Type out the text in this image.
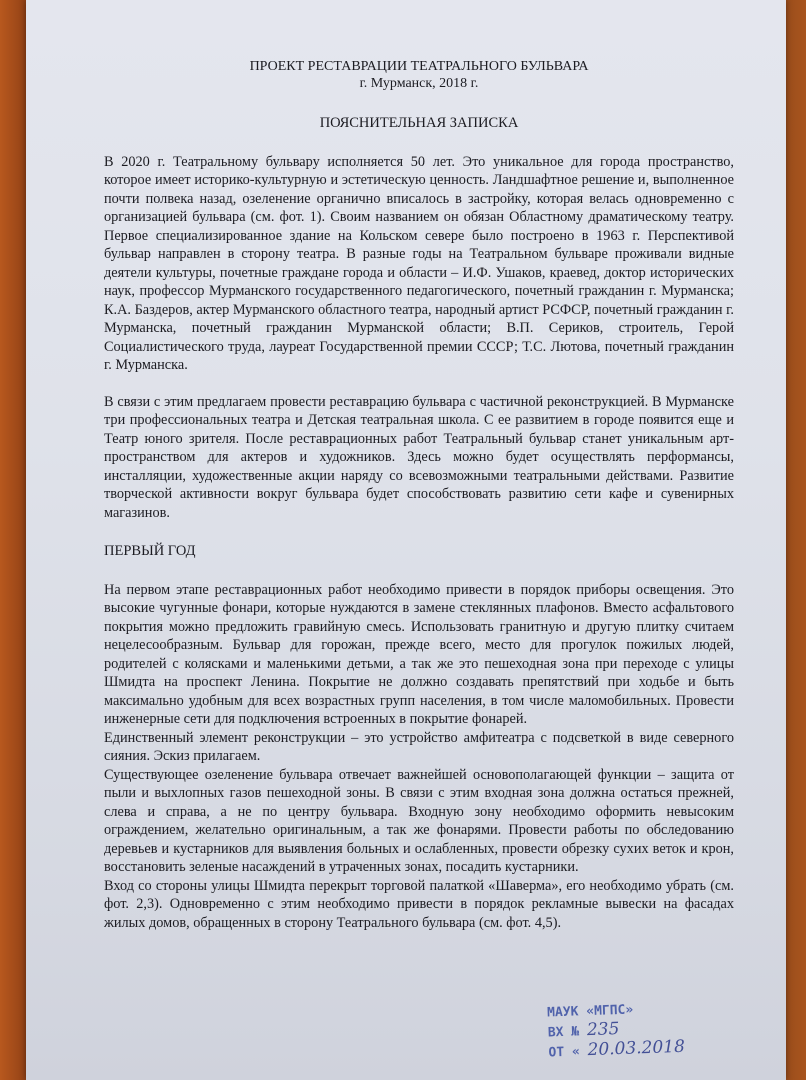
ПРОЕКТ РЕСТАВРАЦИИ ТЕАТРАЛЬНОГО БУЛЬВАРА
г. Мурманск, 2018 г.
ПОЯСНИТЕЛЬНАЯ ЗАПИСКА

В 2020 г. Театральному бульвару исполняется 50 лет. Это уникальное для города пространство, которое имеет историко-культурную и эстетическую ценность. Ландшафтное решение и, выполненное почти полвека назад, озеленение органично вписалось в застройку, которая велась одновременно с организацией бульвара (см. фот. 1). Своим названием он обязан Областному драматическому театру. Первое специализированное здание на Кольском севере было построено в 1963 г. Перспективой бульвар направлен в сторону театра. В разные годы на Театральном бульваре проживали видные деятели культуры, почетные граждане города и области – И.Ф. Ушаков, краевед, доктор исторических наук, профессор Мурманского государственного педагогического, почетный гражданин г. Мурманска; К.А. Баздеров, актер Мурманского областного театра, народный артист РСФСР, почетный гражданин г. Мурманска, почетный гражданин Мурманской области; В.П. Сериков, строитель, Герой Социалистического труда, лауреат Государственной премии СССР; Т.С. Лютова, почетный гражданин г. Мурманска.

В связи с этим предлагаем провести реставрацию бульвара с частичной реконструкцией. В Мурманске три профессиональных театра и Детская театральная школа. С ее развитием в городе появится еще и Театр юного зрителя. После реставрационных работ Театральный бульвар станет уникальным арт-пространством для актеров и художников. Здесь можно будет осуществлять перформансы, инсталляции, художественные акции наряду со всевозможными театральными действами. Развитие творческой активности вокруг бульвара будет способствовать развитию сети кафе и сувенирных магазинов.

ПЕРВЫЙ ГОД

На первом этапе реставрационных работ необходимо привести в порядок приборы освещения. Это высокие чугунные фонари, которые нуждаются в замене стеклянных плафонов. Вместо асфальтового покрытия можно предложить гравийную смесь. Использовать гранитную и другую плитку считаем нецелесообразным. Бульвар для горожан, прежде всего, место для прогулок пожилых людей, родителей с колясками и маленькими детьми, а так же это пешеходная зона при переходе с улицы Шмидта на проспект Ленина. Покрытие не должно создавать препятствий при ходьбе и быть максимально удобным для всех возрастных групп населения, в том числе маломобильных. Провести инженерные сети для подключения встроенных в покрытие фонарей.

Единственный элемент реконструкции – это устройство амфитеатра с подсветкой в виде северного сияния. Эскиз прилагаем.

Существующее озеленение бульвара отвечает важнейшей основополагающей функции – защита от пыли и выхлопных газов пешеходной зоны. В связи с этим входная зона должна остаться прежней, слева и справа, а не по центру бульвара. Входную зону необходимо оформить невысоким ограждением, желательно оригинальным, а так же фонарями. Провести работы по обследованию деревьев и кустарников для выявления больных и ослабленных, провести обрезку сухих веток и крон, восстановить зеленые насаждений в утраченных зонах, посадить кустарники.

Вход со стороны улицы Шмидта перекрыт торговой палаткой «Шаверма», его необходимо убрать (см. фот. 2,3). Одновременно с этим необходимо привести в порядок рекламные вывески на фасадах жилых домов, обращенных в сторону Театрального бульвара (см. фот. 4,5).

МАУК «МГПС»
ВХ № 235
ОТ « 20.03.2018
